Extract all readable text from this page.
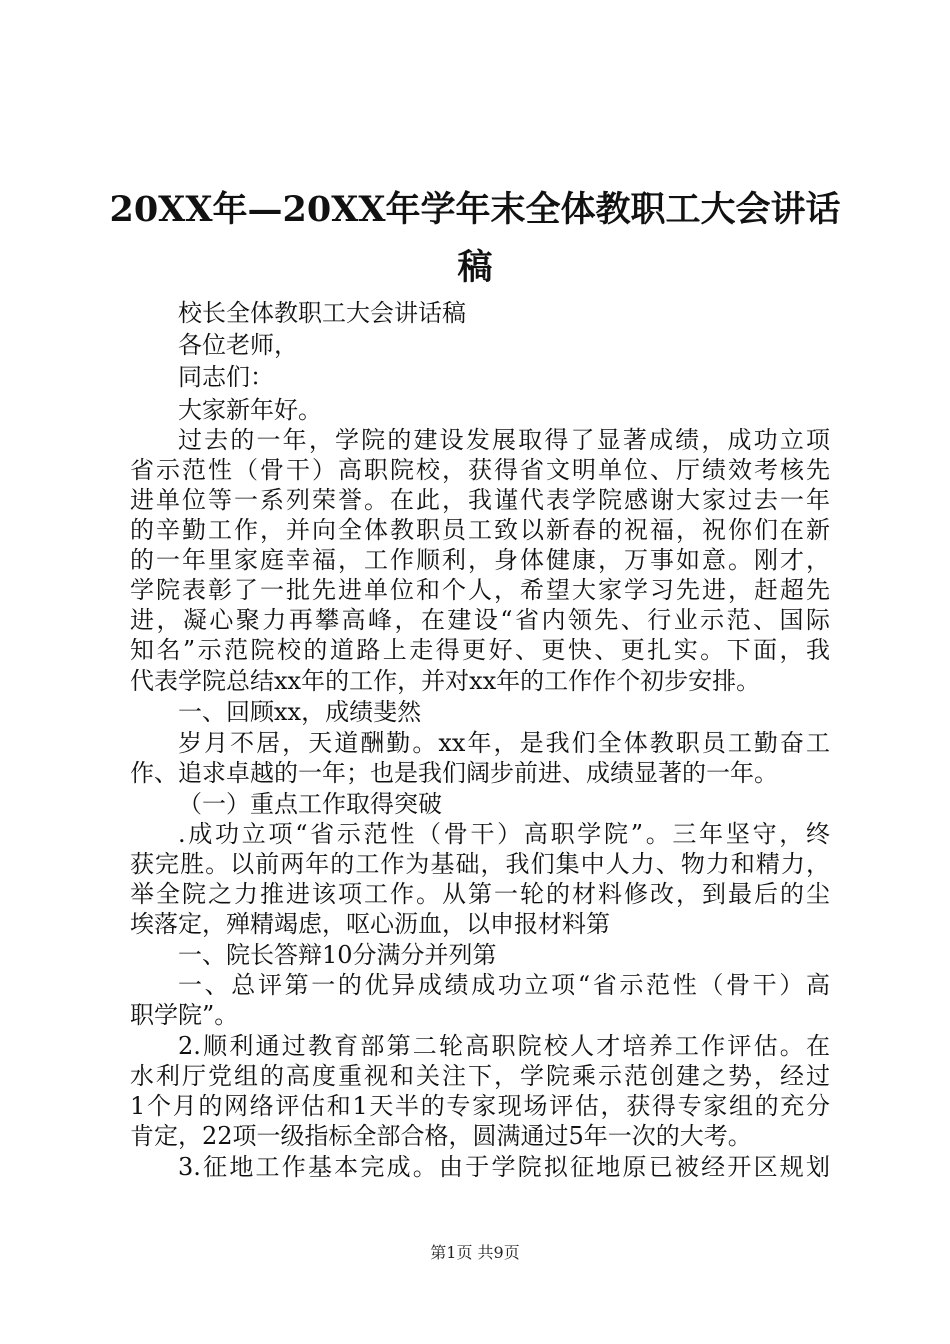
20XX年—20XX年学年末全体教职工大会讲话
稿
校长全体教职工大会讲话稿
各位老师，
同志们：
大家新年好。
过去的一年，学院的建设发展取得了显著成绩，成功立项
省示范性（骨干）高职院校，获得省文明单位、厅绩效考核先
进单位等一系列荣誉。在此，我谨代表学院感谢大家过去一年
的辛勤工作，并向全体教职员工致以新春的祝福，祝你们在新
的一年里家庭幸福，工作顺利，身体健康，万事如意。刚才，
学院表彰了一批先进单位和个人，希望大家学习先进，赶超先
进，凝心聚力再攀高峰，在建设“省内领先、行业示范、国际
知名”示范院校的道路上走得更好、更快、更扎实。下面，我
代表学院总结xx年的工作，并对xx年的工作作个初步安排。
一、回顾xx，成绩斐然
岁月不居，天道酬勤。xx年，是我们全体教职员工勤奋工
作、追求卓越的一年；也是我们阔步前进、成绩显著的一年。
（一）重点工作取得突破
.成功立项“省示范性（骨干）高职学院”。三年坚守，终
获完胜。以前两年的工作为基础，我们集中人力、物力和精力，
举全院之力推进该项工作。从第一轮的材料修改，到最后的尘
埃落定，殚精竭虑，呕心沥血，以申报材料第
一、院长答辩10分满分并列第
一、总评第一的优异成绩成功立项“省示范性（骨干）高
职学院”。
2.顺利通过教育部第二轮高职院校人才培养工作评估。在
水利厅党组的高度重视和关注下，学院乘示范创建之势，经过
1个月的网络评估和1天半的专家现场评估，获得专家组的充分
肯定，22项一级指标全部合格，圆满通过5年一次的大考。
3.征地工作基本完成。由于学院拟征地原已被经开区规划
第1页 共9页
